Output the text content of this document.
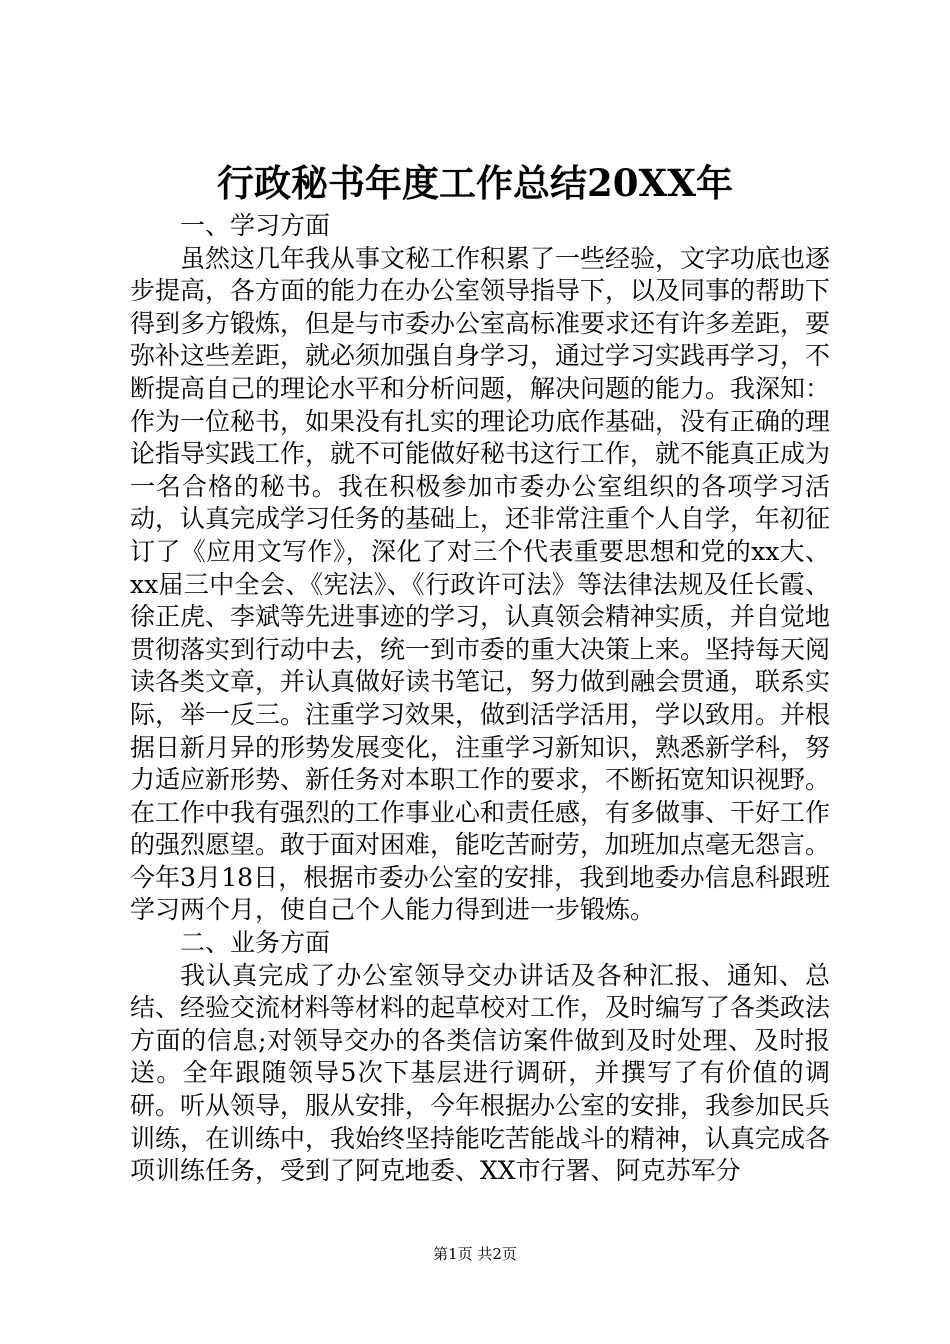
行政秘书年度工作总结20XX年

一、学习方面

虽然这几年我从事文秘工作积累了一些经验，文字功底也逐步提高，各方面的能力在办公室领导指导下，以及同事的帮助下得到多方锻炼，但是与市委办公室高标准要求还有许多差距，要弥补这些差距，就必须加强自身学习，通过学习实践再学习，不断提高自己的理论水平和分析问题，解决问题的能力。我深知：作为一位秘书，如果没有扎实的理论功底作基础，没有正确的理论指导实践工作，就不可能做好秘书这行工作，就不能真正成为一名合格的秘书。我在积极参加市委办公室组织的各项学习活动，认真完成学习任务的基础上，还非常注重个人自学，年初征订了《应用文写作》，深化了对三个代表重要思想和党的xx大、xx届三中全会、《宪法》、《行政许可法》等法律法规及任长霞、徐正虎、李斌等先进事迹的学习，认真领会精神实质，并自觉地贯彻落实到行动中去，统一到市委的重大决策上来。坚持每天阅读各类文章，并认真做好读书笔记，努力做到融会贯通，联系实际，举一反三。注重学习效果，做到活学活用，学以致用。并根据日新月异的形势发展变化，注重学习新知识，熟悉新学科，努力适应新形势、新任务对本职工作的要求，不断拓宽知识视野。在工作中我有强烈的工作事业心和责任感，有多做事、干好工作的强烈愿望。敢于面对困难，能吃苦耐劳，加班加点毫无怨言。今年3月18日，根据市委办公室的安排，我到地委办信息科跟班学习两个月，使自己个人能力得到进一步锻炼。

二、业务方面

我认真完成了办公室领导交办讲话及各种汇报、通知、总结、经验交流材料等材料的起草校对工作，及时编写了各类政法方面的信息;对领导交办的各类信访案件做到及时处理、及时报送。全年跟随领导5次下基层进行调研，并撰写了有价值的调研。听从领导，服从安排，今年根据办公室的安排，我参加民兵训练，在训练中，我始终坚持能吃苦能战斗的精神，认真完成各项训练任务，受到了阿克地委、XX市行署、阿克苏军分

第1页 共2页
